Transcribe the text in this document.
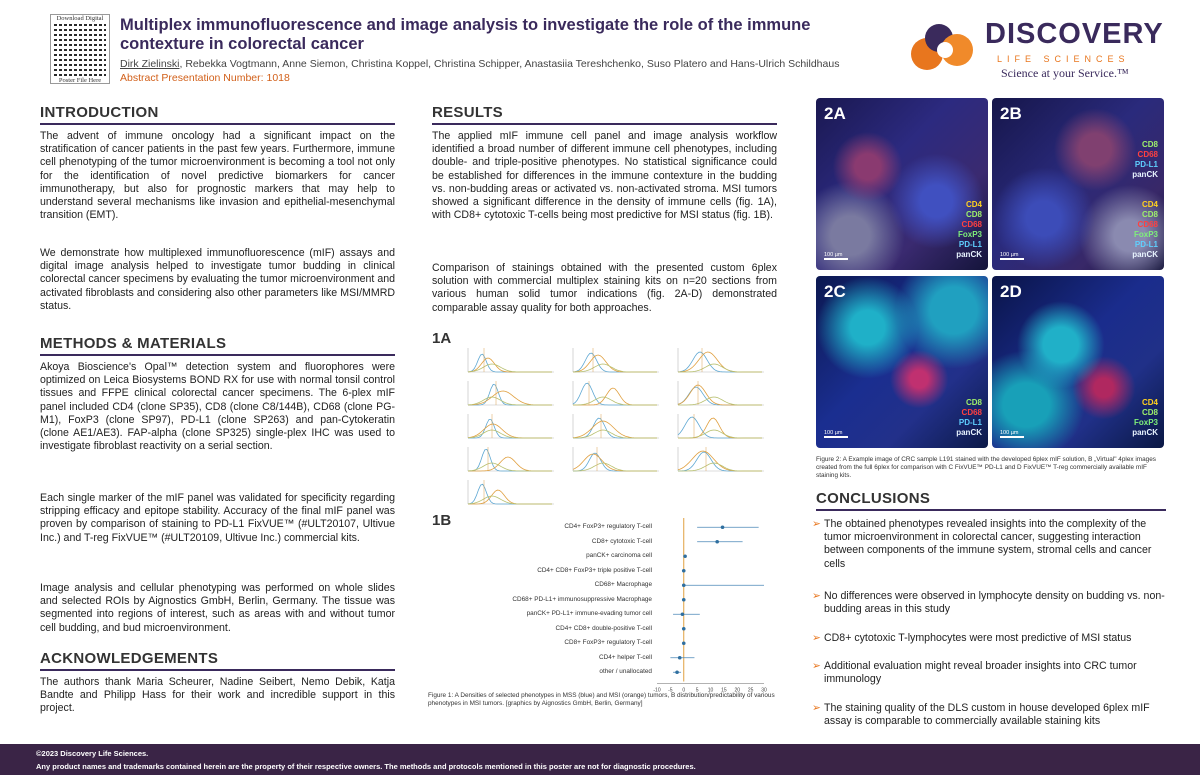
Download Digital
Poster File Here
Multiplex immunofluorescence and image analysis to investigate the role of the immune contexture in colorectal cancer
Dirk Zielinski, Rebekka Vogtmann, Anne Siemon, Christina Koppel, Christina Schipper, Anastasiia Tereshchenko, Suso Platero and Hans-Ulrich Schildhaus
Abstract Presentation Number: 1018
DISCOVERY
LIFE SCIENCES
Science at your Service.™
INTRODUCTION
The advent of immune oncology had a significant impact on the stratification of cancer patients in the past few years. Furthermore, immune cell phenotyping of the tumor microenvironment is becoming a tool not only for the identification of novel predictive biomarkers for cancer immunotherapy, but also for prognostic markers that may help to understand several mechanisms like invasion and epithelial-mesenchymal transition (EMT).
We demonstrate how multiplexed immunofluorescence (mIF) assays and digital image analysis helped to investigate tumor budding in clinical colorectal cancer specimens by evaluating the tumor microenvironment and activated fibroblasts and considering also other parameters like MSI/MMRD status.
METHODS & MATERIALS
Akoya Bioscience's Opal™ detection system and fluorophores were optimized on Leica Biosystems BOND RX for use with normal tonsil control tissues and FFPE clinical colorectal cancer specimens. The 6-plex mIF panel included CD4 (clone SP35), CD8 (clone C8/144B), CD68 (clone PG-M1), FoxP3 (clone SP97), PD-L1 (clone SP263) and pan-Cytokeratin (clone AE1/AE3). FAP-alpha (clone SP325) single-plex IHC was used to investigate fibroblast reactivity on a serial section.
Each single marker of the mIF panel was validated for specificity regarding stripping efficacy and epitope stability. Accuracy of the final mIF panel was proven by comparison of staining to PD-L1 FixVUE™ (#ULT20107, Ultivue Inc.) and T-reg FixVUE™ (#ULT20109, Ultivue Inc.) commercial kits.
Image analysis and cellular phenotyping was performed on whole slides and selected ROIs by Aignostics GmbH, Berlin, Germany. The tissue was segmented into regions of interest, such as areas with and without tumor cell budding, and bud microenvironment.
ACKNOWLEDGEMENTS
The authors thank Maria Scheurer, Nadine Seibert, Nemo Debik, Katja Bandte and Philipp Hass for their work and incredible support in this project.
RESULTS
The applied mIF immune cell panel and image analysis workflow identified a broad number of different immune cell phenotypes, including double- and triple-positive phenotypes. No statistical significance could be established for differences in the immune contexture in the budding vs. non-budding areas or activated vs. non-activated stroma. MSI tumors showed a significant difference in the density of immune cells (fig. 1A), with CD8+ cytotoxic T-cells being most predictive for MSI status (fig. 1B).
Comparison of stainings obtained with the presented custom 6plex solution with commercial multiplex staining kits on n=20 sections from various human solid tumor indications (fig. 2A-D) demonstrated comparable assay quality for both approaches.
1A
1B
-10 -5 0 5 10 15 20 25 30
CD4+ FoxP3+ regulatory T-cell
CD8+ cytotoxic T-cell
panCK+ carcinoma cell
CD4+ CD8+ FoxP3+ triple positive T-cell
CD68+ Macrophage
CD68+ PD-L1+ immunosuppressive Macrophage
panCK+ PD-L1+ immune-evading tumor cell
CD4+ CD8+ double-positive T-cell
CD8+ FoxP3+ regulatory T-cell
CD4+ helper T-cell
other / unallocated
Figure 1: A Densities of selected phenotypes in MSS (blue) and MSI (orange) tumors, B distribution/predictability of various phenotypes in MSI tumors. [graphics by Aignostics GmbH, Berlin, Germany]
2A
CD4
CD8
CD68
FoxP3
PD-L1
panCK
100 µm
2B
CD8
CD68
PD-L1
panCK
CD4
CD8
CD68
FoxP3
PD-L1
panCK
100 µm
2C
CD8
CD68
PD-L1
panCK
100 µm
2D
CD4
CD8
FoxP3
panCK
100 µm
Figure 2: A Example image of CRC sample L191 stained with the developed 6plex mIF solution, B „Virtual" 4plex images created from the full 6plex for comparison with C FixVUE™ PD-L1 and D FixVUE™ T-reg commercially available mIF staining kits.
CONCLUSIONS
➢ The obtained phenotypes revealed insights into the complexity of the tumor microenvironment in colorectal cancer, suggesting interaction between components of the immune system, stromal cells and cancer cells
➢ No differences were observed in lymphocyte density on budding vs. non-budding areas in this study
➢ CD8+ cytotoxic T-lymphocytes were most predictive of MSI status
➢ Additional evaluation might reveal broader insights into CRC tumor immunology
➢ The staining quality of the DLS custom in house developed 6plex mIF assay is comparable to commercially available staining kits
©2023 Discovery Life Sciences.
Any product names and trademarks contained herein are the property of their respective owners. The methods and protocols mentioned in this poster are not for diagnostic procedures.
